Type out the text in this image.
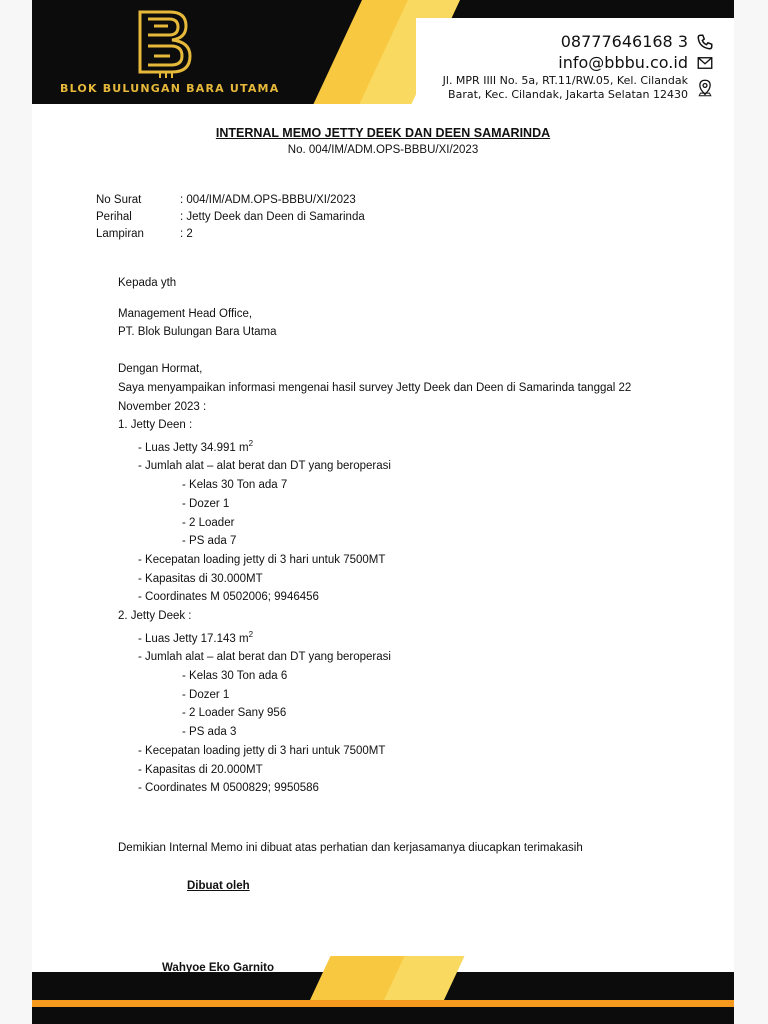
BLOK BULUNGAN BARA UTAMA
08777646168 3
info@bbbu.co.id
Jl. MPR IIII No. 5a, RT.11/RW.05, Kel. Cilandak
Barat, Kec. Cilandak, Jakarta Selatan 12430
INTERNAL MEMO JETTY DEEK DAN DEEN SAMARINDA
No. 004/IM/ADM.OPS-BBBU/XI/2023
No Surat	: 004/IM/ADM.OPS-BBBU/XI/2023
Perihal	: Jetty Deek dan Deen di Samarinda
Lampiran	: 2
Kepada yth
Management Head Office,
PT. Blok Bulungan Bara Utama
Dengan Hormat,
Saya menyampaikan informasi mengenai hasil survey Jetty Deek dan Deen di Samarinda tanggal 22
November 2023 :
1. Jetty Deen :
- Luas Jetty 34.991 $m^2$
- Jumlah alat – alat berat dan DT yang beroperasi
- Kelas 30 Ton ada 7
- Dozer 1
- 2 Loader
- PS ada 7
- Kecepatan loading jetty di 3 hari untuk 7500MT
- Kapasitas di 30.000MT
- Coordinates M 0502006; 9946456
2. Jetty Deek :
- Luas Jetty 17.143 $m^2$
- Jumlah alat – alat berat dan DT yang beroperasi
- Kelas 30 Ton ada 6
- Dozer 1
- 2 Loader Sany 956
- PS ada 3
- Kecepatan loading jetty di 3 hari untuk 7500MT
- Kapasitas di 20.000MT
- Coordinates M 0500829; 9950586
Demikian Internal Memo ini dibuat atas perhatian dan kerjasamanya diucapkan terimakasih
Dibuat oleh
Wahyoe Eko Garnito
